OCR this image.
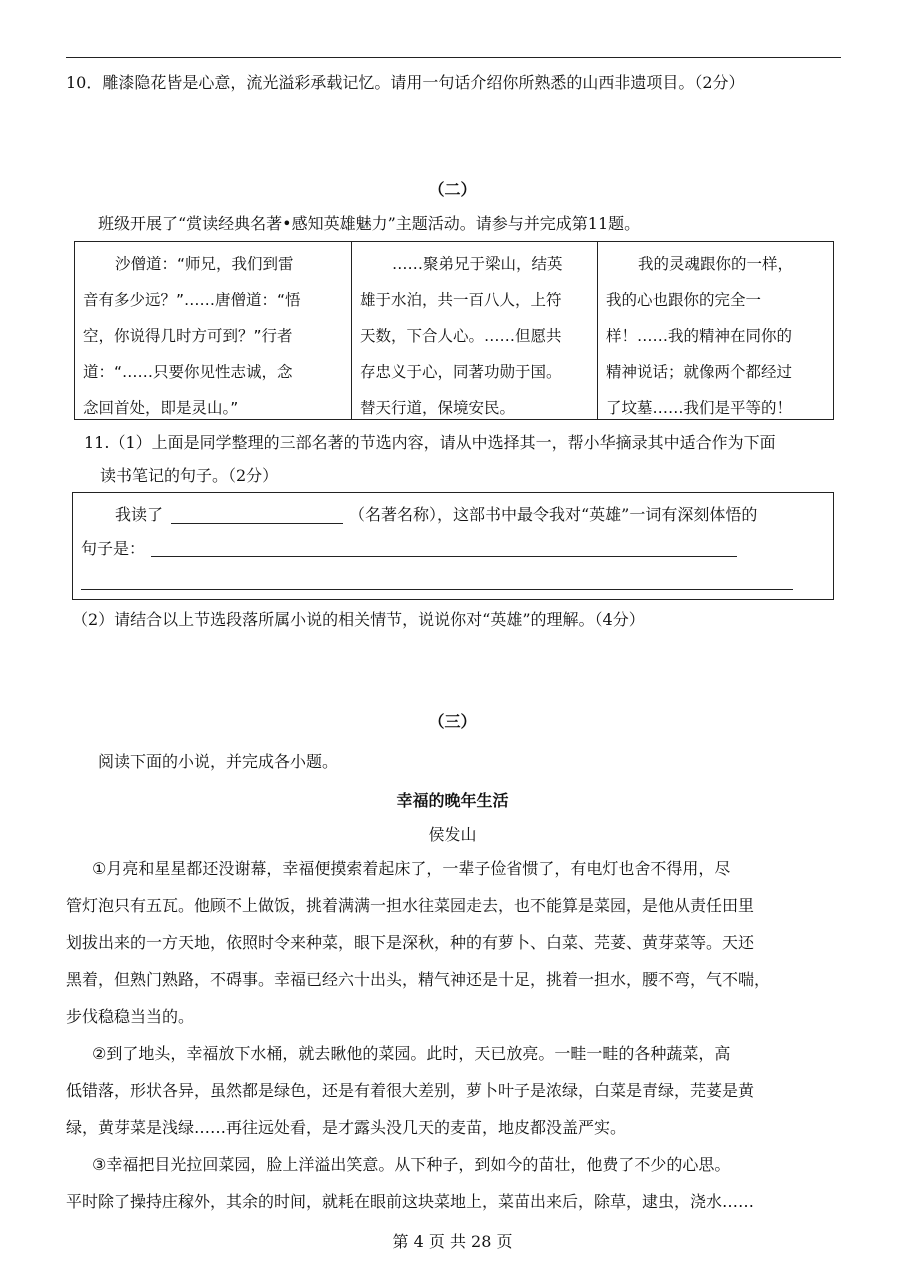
10．雕漆隐花皆是心意，流光溢彩承载记忆。请用一句话介绍你所熟悉的山西非遗项目。（2分）
（二）
班级开展了“赏读经典名著•感知英雄魅力”主题活动。请参与并完成第11题。
沙僧道：“师兄，我们到雷
音有多少远？”……唐僧道：“悟
空，你说得几时方可到？”行者
道：“……只要你见性志诚，念
念回首处，即是灵山。”
……聚弟兄于梁山，结英
雄于水泊，共一百八人，上符
天数，下合人心。……但愿共
存忠义于心，同著功勋于国。
替天行道，保境安民。
我的灵魂跟你的一样，
我的心也跟你的完全一
样！……我的精神在同你的
精神说话；就像两个都经过
了坟墓……我们是平等的！
11.（1）上面是同学整理的三部名著的节选内容，请从中选择其一，帮小华摘录其中适合作为下面
读书笔记的句子。（2分）
我读了	（名著名称），这部书中最令我对“英雄”一词有深刻体悟的
句子是：
（2）请结合以上节选段落所属小说的相关情节，说说你对“英雄”的理解。（4分）
（三）
阅读下面的小说，并完成各小题。
幸福的晚年生活
侯发山
①月亮和星星都还没谢幕，幸福便摸索着起床了，一辈子俭省惯了，有电灯也舍不得用，尽
管灯泡只有五瓦。他顾不上做饭，挑着满满一担水往菜园走去，也不能算是菜园，是他从责任田里
划拔出来的一方天地，依照时令来种菜，眼下是深秋，种的有萝卜、白菜、芫荽、黄芽菜等。天还
黑着，但熟门熟路，不碍事。幸福已经六十出头，精气神还是十足，挑着一担水，腰不弯，气不喘，
步伐稳稳当当的。
②到了地头，幸福放下水桶，就去瞅他的菜园。此时，天已放亮。一畦一畦的各种蔬菜，高
低错落，形状各异，虽然都是绿色，还是有着很大差别，萝卜叶子是浓绿，白菜是青绿，芫荽是黄
绿，黄芽菜是浅绿……再往远处看，是才露头没几天的麦苗，地皮都没盖严实。
③幸福把目光拉回菜园，脸上洋溢出笑意。从下种子，到如今的苗壮，他费了不少的心思。
平时除了操持庄稼外，其余的时间，就耗在眼前这块菜地上，菜苗出来后，除草，逮虫，浇水……
第 4 页 共 28 页
